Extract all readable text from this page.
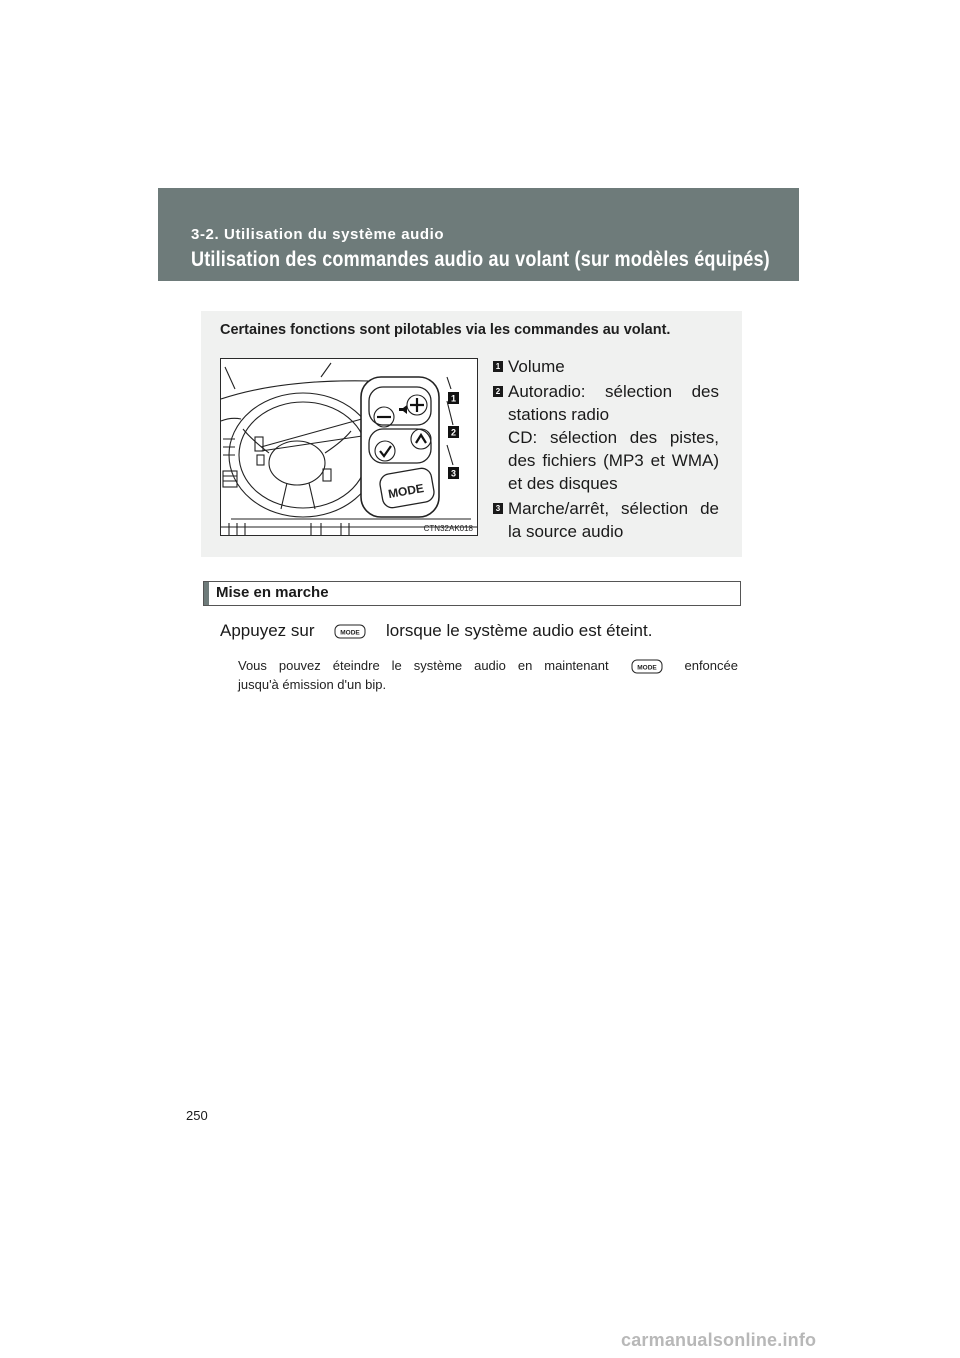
3-2. Utilisation du système audio
Utilisation des commandes audio au volant (sur modèles équipés)
Certaines fonctions sont pilotables via les commandes au volant.
MODE
1
2
3
CTN32AK018
1 Volume
2 Autoradio: sélection des
stations radio
CD: sélection des pistes,
des fichiers (MP3 et WMA)
et des disques
3 Marche/arrêt, sélection de
la source audio
Mise en marche
Appuyez sur	MODE lorsque le système audio est éteint.
Vous pouvez éteindre le système audio en maintenant	MODE enfoncée
jusqu'à émission d'un bip.
250
carmanualsonline.info
